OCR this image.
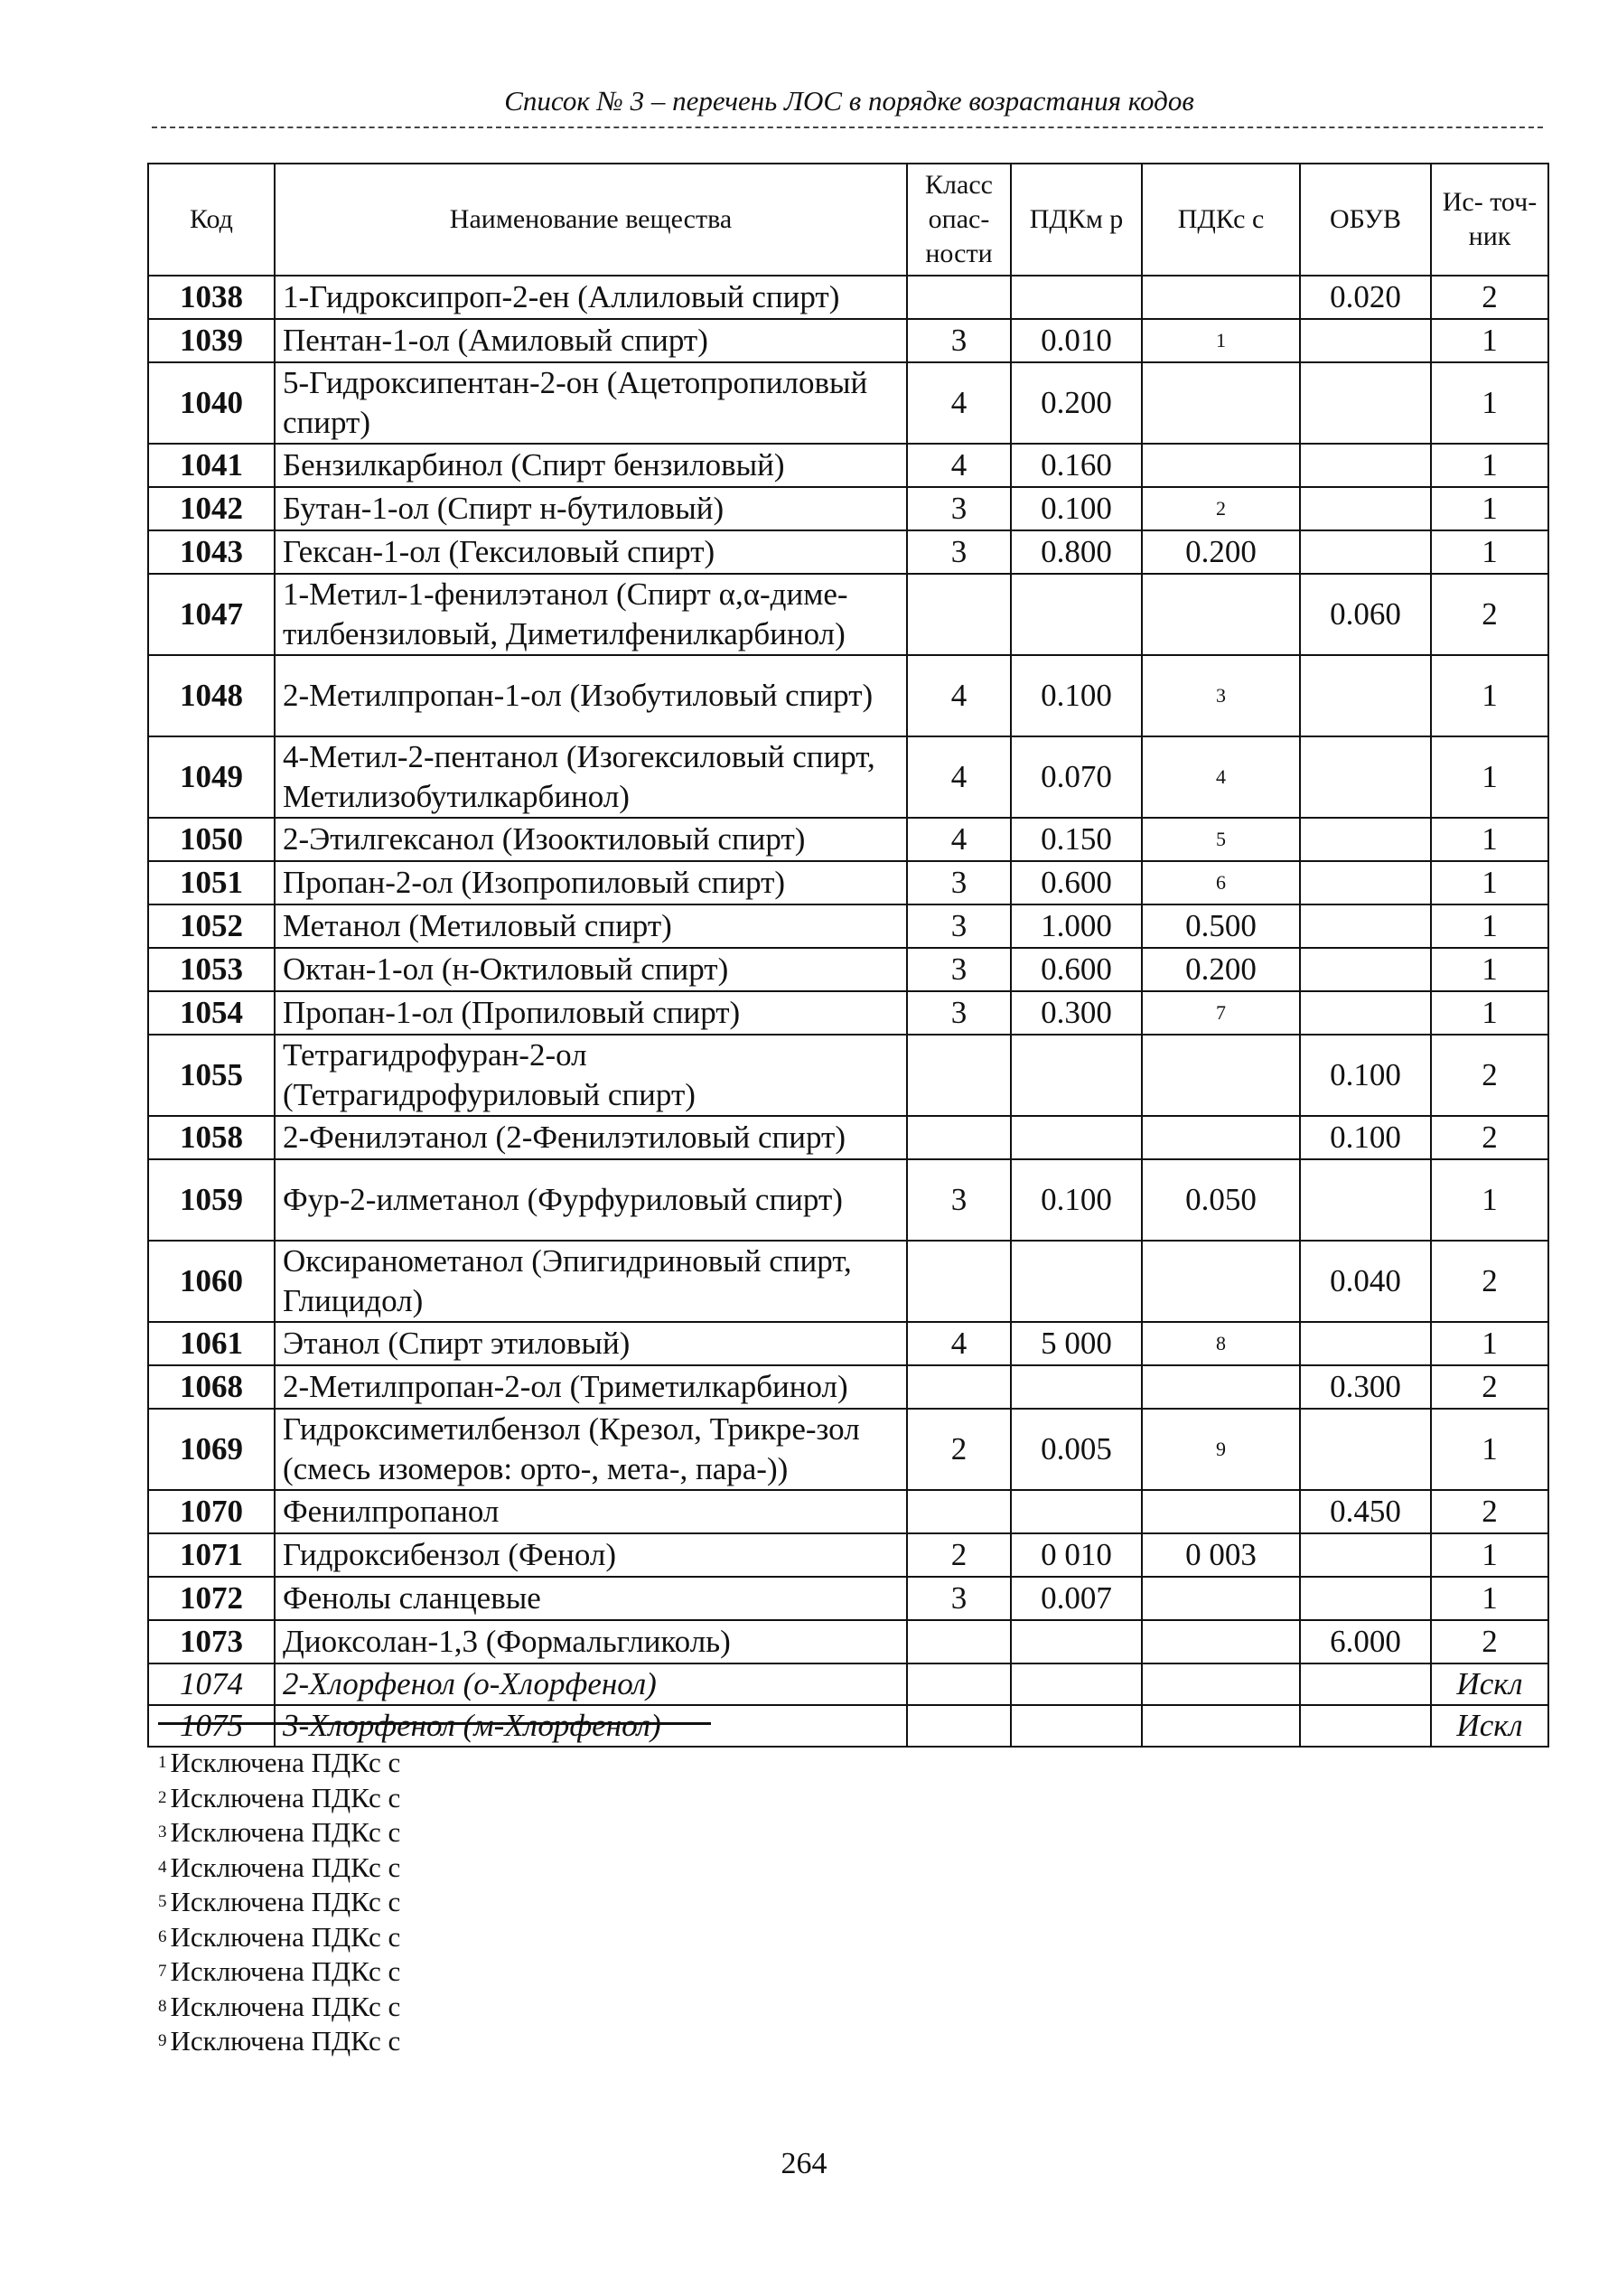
Список № 3 – перечень ЛОС в порядке возрастания кодов
Код	Наименование вещества	Класс опас- ности	ПДКм р	ПДКс с	ОБУВ	Ис- точ- ник
1038	1-Гидроксипроп-2-ен (Аллиловый спирт)				0.020	2
1039	Пентан-1-ол (Амиловый спирт)	3	0.010	$^1$		1
1040	5-Гидроксипентан-2-он (Ацетопропиловый спирт)	4	0.200			1
1041	Бензилкарбинол (Спирт бензиловый)	4	0.160			1
1042	Бутан-1-ол (Спирт н-бутиловый)	3	0.100	$^2$		1
1043	Гексан-1-ол (Гексиловый спирт)	3	0.800	0.200		1
1047	1-Метил-1-фенилэтанол (Спирт α,α-диме-тилбензиловый, Диметилфенилкарбинол)				0.060	2
1048	2-Метилпропан-1-ол (Изобутиловый спирт)	4	0.100	$^3$		1
1049	4-Метил-2-пентанол (Изогексиловый спирт, Метилизобутилкарбинол)	4	0.070	$^4$		1
1050	2-Этилгексанол (Изооктиловый спирт)	4	0.150	$^5$		1
1051	Пропан-2-ол (Изопропиловый спирт)	3	0.600	$^6$		1
1052	Метанол (Метиловый спирт)	3	1.000	0.500		1
1053	Октан-1-ол (н-Октиловый спирт)	3	0.600	0.200		1
1054	Пропан-1-ол (Пропиловый спирт)	3	0.300	$^7$		1
1055	Тетрагидрофуран-2-ол (Тетрагидрофуриловый спирт)				0.100	2
1058	2-Фенилэтанол (2-Фенилэтиловый спирт)				0.100	2
1059	Фур-2-илметанол (Фурфуриловый спирт)	3	0.100	0.050		1
1060	Оксиранометанол (Эпигидриновый спирт, Глицидол)				0.040	2
1061	Этанол (Спирт этиловый)	4	5 000	$^8$		1
1068	2-Метилпропан-2-ол (Триметилкарбинол)				0.300	2
1069	Гидроксиметилбензол (Крезол, Трикре-зол (смесь изомеров: орто-, мета-, пара-))	2	0.005	$^9$		1
1070	Фенилпропанол				0.450	2
1071	Гидроксибензол (Фенол)	2	0 010	0 003		1
1072	Фенолы сланцевые	3	0.007			1
1073	Диоксолан-1,3 (Формальгликоль)				6.000	2
1074	2-Хлорфенол (о-Хлорфенол)					Искл
1075	3-Хлорфенол (м-Хлорфенол)					Искл
$^1$ Исключена ПДКс с
$^2$ Исключена ПДКс с
$^3$ Исключена ПДКс с
$^4$ Исключена ПДКс с
$^5$ Исключена ПДКс с
$^6$ Исключена ПДКс с
$^7$ Исключена ПДКс с
$^8$ Исключена ПДКс с
$^9$ Исключена ПДКс с
264
